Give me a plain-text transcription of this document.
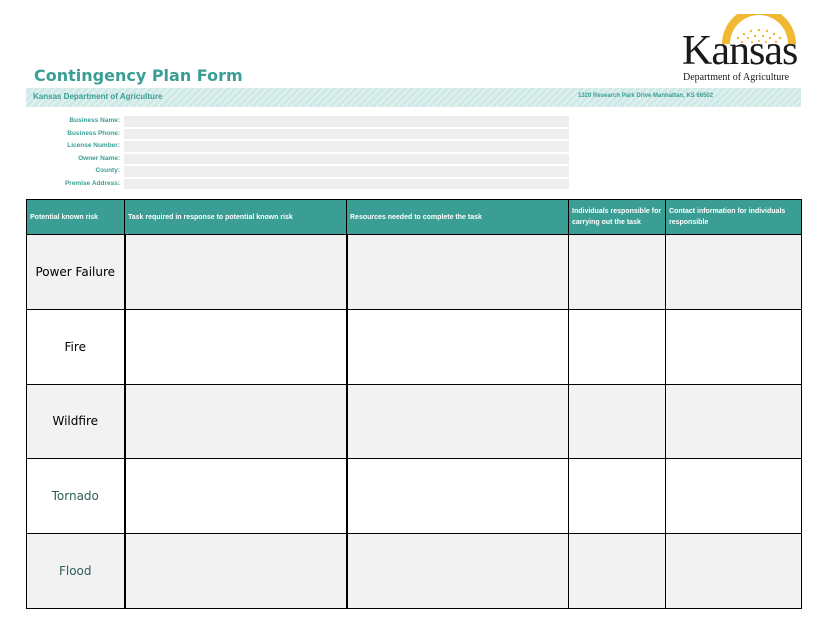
Contingency Plan Form
Kansas
Department of Agriculture
Kansas Department of Agriculture	1320 Research Park Drive Manhattan, KS 66502
Business Name:
Business Phone:
License Number:
Owner Name:
County:
Premise Address:
Potential known risk	Task required in response to potential known risk	Resources needed to complete the task	Individuals responsible for carrying out the task	Contact information for individuals responsible
Power Failure				
Fire				
Wildfire				
Tornado				
Flood				
